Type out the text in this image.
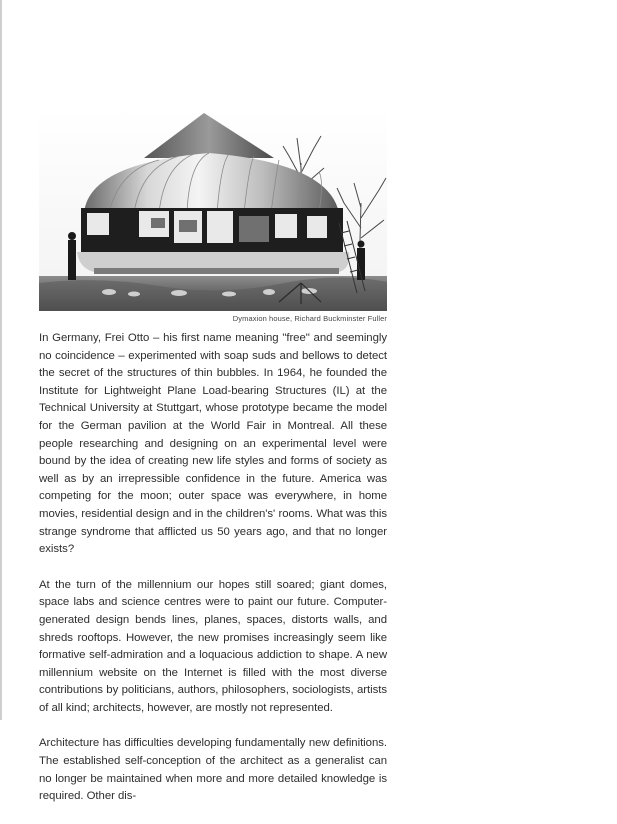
Dymaxion house, Richard Buckminster Fuller

In Germany, Frei Otto – his first name meaning "free" and seemingly no coincidence – experimented with soap suds and bellows to detect the secret of the structures of thin bubbles. In 1964, he founded the Institute for Lightweight Plane Load-bearing Structures (IL) at the Technical University at Stuttgart, whose prototype became the model for the German pavilion at the World Fair in Montreal. All these people researching and designing on an experimental level were bound by the idea of creating new life styles and forms of society as well as by an irrepressible confidence in the future. America was competing for the moon; outer space was everywhere, in home movies, residential design and in the children's' rooms. What was this strange syndrome that afflicted us 50 years ago, and that no longer exists?

At the turn of the millennium our hopes still soared; giant domes, space labs and science centres were to paint our future. Computer-generated design bends lines, planes, spaces, distorts walls, and shreds rooftops. However, the new promises increasingly seem like formative self-admiration and a loquacious addiction to shape. A new millennium website on the Internet is filled with the most diverse contributions by politicians, authors, philosophers, sociologists, artists of all kind; architects, however, are mostly not represented.

Architecture has difficulties developing fundamentally new definitions. The established self-conception of the architect as a generalist can no longer be maintained when more and more detailed knowledge is required. Other dis-
